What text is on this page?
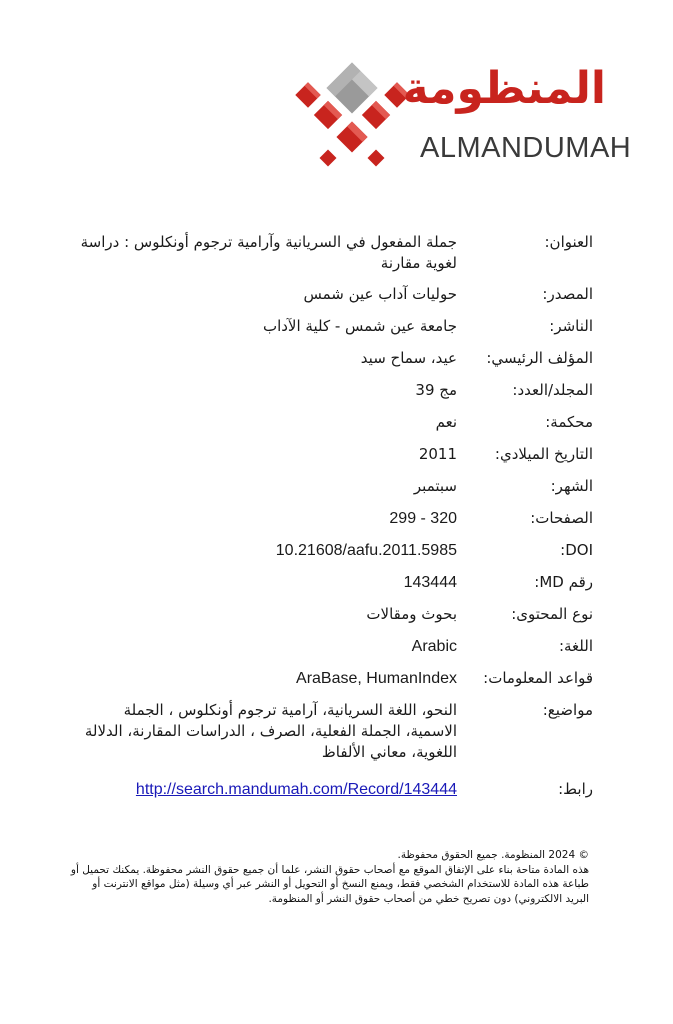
المنظومة
ALMANDUMAH
العنوان:
جملة المفعول في السريانية وآرامية ترجوم أونكلوس : دراسة لغوية مقارنة
المصدر:
حوليات آداب عين شمس
الناشر:
جامعة عين شمس - كلية الآداب
المؤلف الرئيسي:
عيد، سماح سيد
المجلد/العدد:
مج 39
محكمة:
نعم
التاريخ الميلادي:
2011
الشهر:
سبتمبر
الصفحات:
299 - 320
DOI:
10.21608/aafu.2011.5985
رقم MD:
143444
نوع المحتوى:
بحوث ومقالات
اللغة:
Arabic
قواعد المعلومات:
AraBase, HumanIndex
مواضيع:
النحو، اللغة السريانية، آرامية ترجوم أونكلوس ، الجملة الاسمية، الجملة الفعلية، الصرف ، الدراسات المقارنة، الدلالة اللغوية، معاني الألفاظ
رابط:
http://search.mandumah.com/Record/143444

© 2024 المنظومة. جميع الحقوق محفوظة.

هذه المادة متاحة بناء على الإتفاق الموقع مع أصحاب حقوق النشر، علما أن جميع حقوق النشر محفوظة. يمكنك تحميل أو طباعة هذه المادة للاستخدام الشخصي فقط، ويمنع النسخ أو التحويل أو النشر عبر أي وسيلة (مثل مواقع الانترنت أو البريد الالكتروني) دون تصريح خطي من أصحاب حقوق النشر أو المنظومة.
